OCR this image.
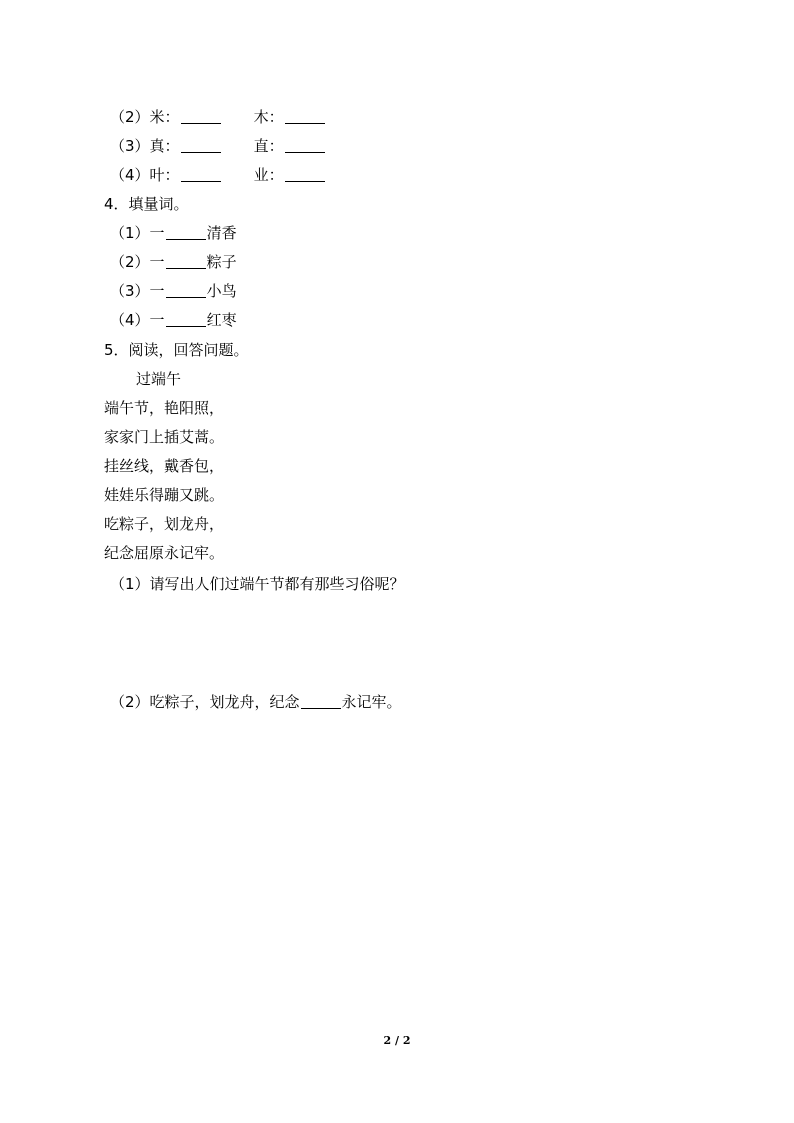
（2）米：	木：
（3）真：	直：
（4）叶：	业：
4．填量词。
（1）一	清香
（2）一	粽子
（3）一	小鸟
（4）一	红枣
5．阅读，回答问题。
过端午
端午节，艳阳照，
家家门上插艾蒿。
挂丝线，戴香包，
娃娃乐得蹦又跳。
吃粽子，划龙舟，
纪念屈原永记牢。
（1）请写出人们过端午节都有那些习俗呢？
（2）吃粽子，划龙舟，纪念	永记牢。
2 / 2
